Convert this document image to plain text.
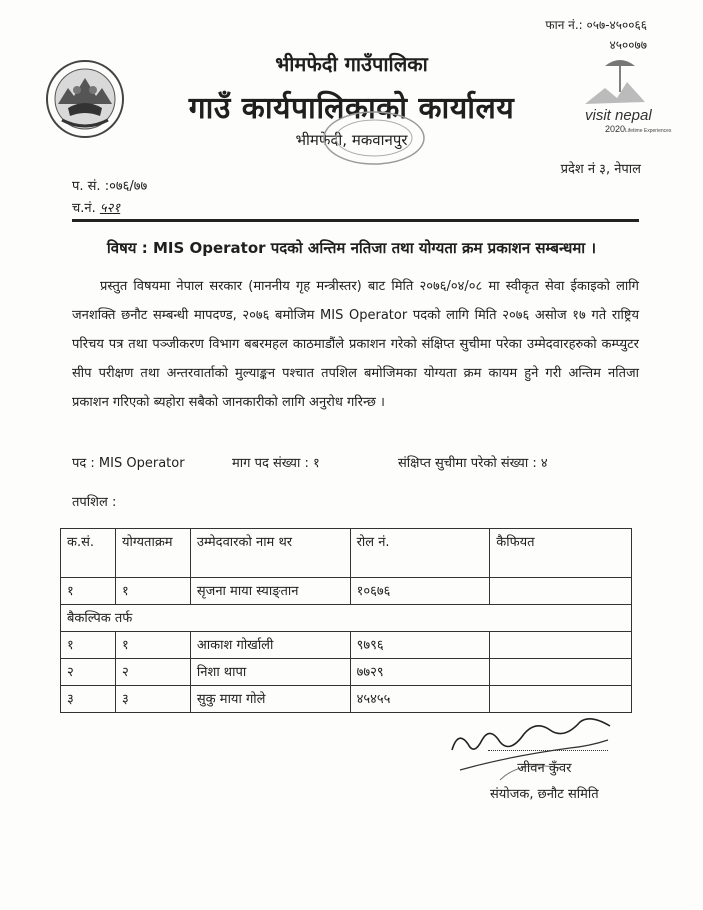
फान नं.: ०५७-४५००६६
४५००७७
भीमफेदी गाउँपालिका
गाउँ कार्यपालिकाको कार्यालय
भीमफेदी, मकवानपुर
visit nepal
2020 Lifetime Experiences
प्रदेश नं ३, नेपाल
प. सं. :०७६/७७
च.नं. ५२१
विषय : MIS Operator पदको अन्तिम नतिजा तथा योग्यता क्रम प्रकाशन सम्बन्धमा ।
प्रस्तुत विषयमा नेपाल सरकार (माननीय गृह मन्त्रीस्तर) बाट मिति २०७६/०४/०८ मा स्वीकृत सेवा ईकाइको लागि जनशक्ति छनौट सम्बन्धी मापदण्ड, २०७६ बमोजिम MIS Operator पदको लागि मिति २०७६ असोज १७ गते राष्ट्रिय परिचय पत्र तथा पञ्जीकरण विभाग बबरमहल काठमाडौंले प्रकाशन गरेको संक्षिप्त सुचीमा परेका उम्मेदवारहरुको कम्प्युटर सीप परीक्षण तथा अन्तरवार्ताको मुल्याङ्कन पश्चात तपशिल बमोजिमका योग्यता क्रम कायम हुने गरी अन्तिम नतिजा प्रकाशन गरिएको ब्यहोरा सबैको जानकारीको लागि अनुरोध गरिन्छ ।
पद : MIS Operator	माग पद संख्या : १	संक्षिप्त सुचीमा परेको संख्या : ४
तपशिल :
क.सं.	योग्यताक्रम	उम्मेदवारको नाम थर	रोल नं.	कैफियत
१	१	सृजना माया स्याङ्तान	१०६७६	
बैकल्पिक तर्फ				
१	१	आकाश गोर्खाली	९७९६	
२	२	निशा थापा	७७२९	
३	३	सुकु माया गोले	४५४५५	
जीवन कुँवर
संयोजक, छनौट समिति
